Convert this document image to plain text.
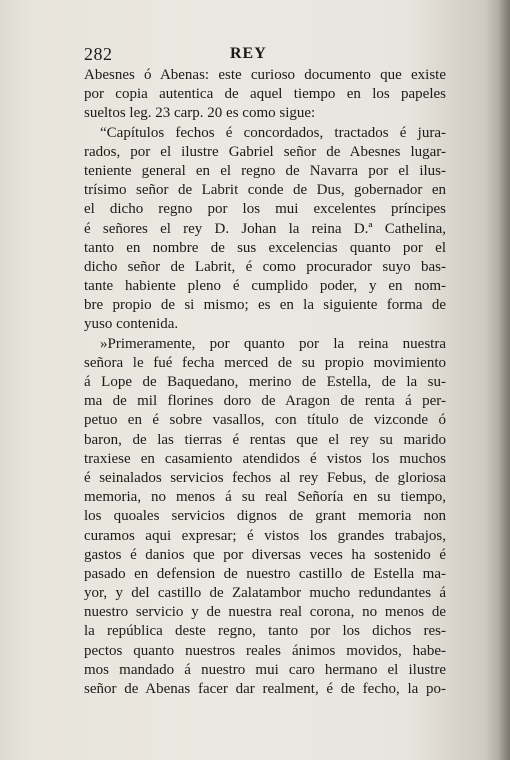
282	REY
Abesnes ó Abenas: este curioso documento que existe
por copia autentica de aquel tiempo en los papeles
sueltos leg. 23 carp. 20 es como sigue:
“Capítulos fechos é concordados, tractados é jura-
rados, por el ilustre Gabriel señor de Abesnes lugar-
teniente general en el regno de Navarra por el ilus-
trísimo señor de Labrit conde de Dus, gobernador en
el dicho regno por los mui excelentes príncipes
é señores el rey D. Johan la reina D.ª Cathelina,
tanto en nombre de sus excelencias quanto por el
dicho señor de Labrit, é como procurador suyo bas-
tante habiente pleno é cumplido poder, y en nom-
bre propio de si mismo; es en la siguiente forma de
yuso contenida.
»Primeramente, por quanto por la reina nuestra
señora le fué fecha merced de su propio movimiento
á Lope de Baquedano, merino de Estella, de la su-
ma de mil florines doro de Aragon de renta á per-
petuo en é sobre vasallos, con título de vizconde ó
baron, de las tierras é rentas que el rey su marido
traxiese en casamiento atendidos é vistos los muchos
é seinalados servicios fechos al rey Febus, de gloriosa
memoria, no menos á su real Señoría en su tiempo,
los quoales servicios dignos de grant memoria non
curamos aqui expresar; é vistos los grandes trabajos,
gastos é danios que por diversas veces ha sostenido é
pasado en defension de nuestro castillo de Estella ma-
yor, y del castillo de Zalatambor mucho redundantes á
nuestro servicio y de nuestra real corona, no menos de
la república deste regno, tanto por los dichos res-
pectos quanto nuestros reales ánimos movidos, habe-
mos mandado á nuestro mui caro hermano el ilustre
señor de Abenas facer dar realment, é de fecho, la po-
